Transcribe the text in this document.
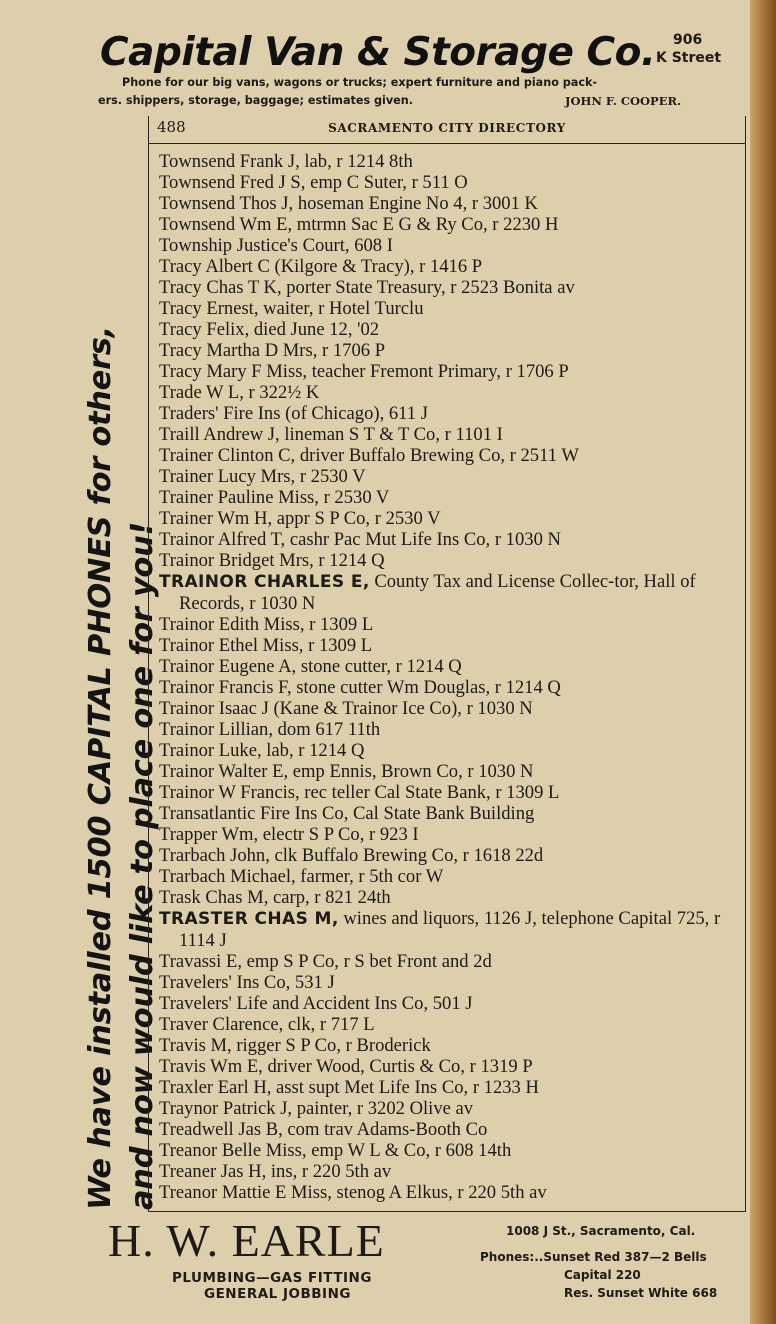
Capital Van & Storage Co. 906
K Street
Phone for our big vans, wagons or trucks; expert furniture and piano pack-
ers. shippers, storage, baggage; estimates given.	JOHN F. COOPER.
We have installed 1500 CAPITAL PHONES for others, and now would like to place one for you!
488	SACRAMENTO CITY DIRECTORY

Townsend Frank J, lab, r 1214 8th

Townsend Fred J S, emp C Suter, r 511 O

Townsend Thos J, hoseman Engine No 4, r 3001 K

Townsend Wm E, mtrmn Sac E G & Ry Co, r 2230 H

Township Justice's Court, 608 I

Tracy Albert C (Kilgore & Tracy), r 1416 P

Tracy Chas T K, porter State Treasury, r 2523 Bonita av

Tracy Ernest, waiter, r Hotel Turclu

Tracy Felix, died June 12, '02

Tracy Martha D Mrs, r 1706 P

Tracy Mary F Miss, teacher Fremont Primary, r 1706 P

Trade W L, r 322½ K

Traders' Fire Ins (of Chicago), 611 J

Traill Andrew J, lineman S T & T Co, r 1101 I

Trainer Clinton C, driver Buffalo Brewing Co, r 2511 W

Trainer Lucy Mrs, r 2530 V

Trainer Pauline Miss, r 2530 V

Trainer Wm H, appr S P Co, r 2530 V

Trainor Alfred T, cashr Pac Mut Life Ins Co, r 1030 N

Trainor Bridget Mrs, r 1214 Q

TRAINOR CHARLES E, County Tax and License Collec-tor, Hall of Records, r 1030 N

Trainor Edith Miss, r 1309 L

Trainor Ethel Miss, r 1309 L

Trainor Eugene A, stone cutter, r 1214 Q

Trainor Francis F, stone cutter Wm Douglas, r 1214 Q

Trainor Isaac J (Kane & Trainor Ice Co), r 1030 N

Trainor Lillian, dom 617 11th

Trainor Luke, lab, r 1214 Q

Trainor Walter E, emp Ennis, Brown Co, r 1030 N

Trainor W Francis, rec teller Cal State Bank, r 1309 L

Transatlantic Fire Ins Co, Cal State Bank Building

Trapper Wm, electr S P Co, r 923 I

Trarbach John, clk Buffalo Brewing Co, r 1618 22d

Trarbach Michael, farmer, r 5th cor W

Trask Chas M, carp, r 821 24th

TRASTER CHAS M, wines and liquors, 1126 J, telephone Capital 725, r 1114 J

Travassi E, emp S P Co, r S bet Front and 2d

Travelers' Ins Co, 531 J

Travelers' Life and Accident Ins Co, 501 J

Traver Clarence, clk, r 717 L

Travis M, rigger S P Co, r Broderick

Travis Wm E, driver Wood, Curtis & Co, r 1319 P

Traxler Earl H, asst supt Met Life Ins Co, r 1233 H

Traynor Patrick J, painter, r 3202 Olive av

Treadwell Jas B, com trav Adams-Booth Co

Treanor Belle Miss, emp W L & Co, r 608 14th

Treaner Jas H, ins, r 220 5th av

Treanor Mattie E Miss, stenog A Elkus, r 220 5th av

H. W. EARLE
PLUMBING—GAS FITTING
GENERAL JOBBING
1008 J St., Sacramento, Cal.
Phones:..Sunset Red 387—2 Bells
Capital 220
Res. Sunset White 668
